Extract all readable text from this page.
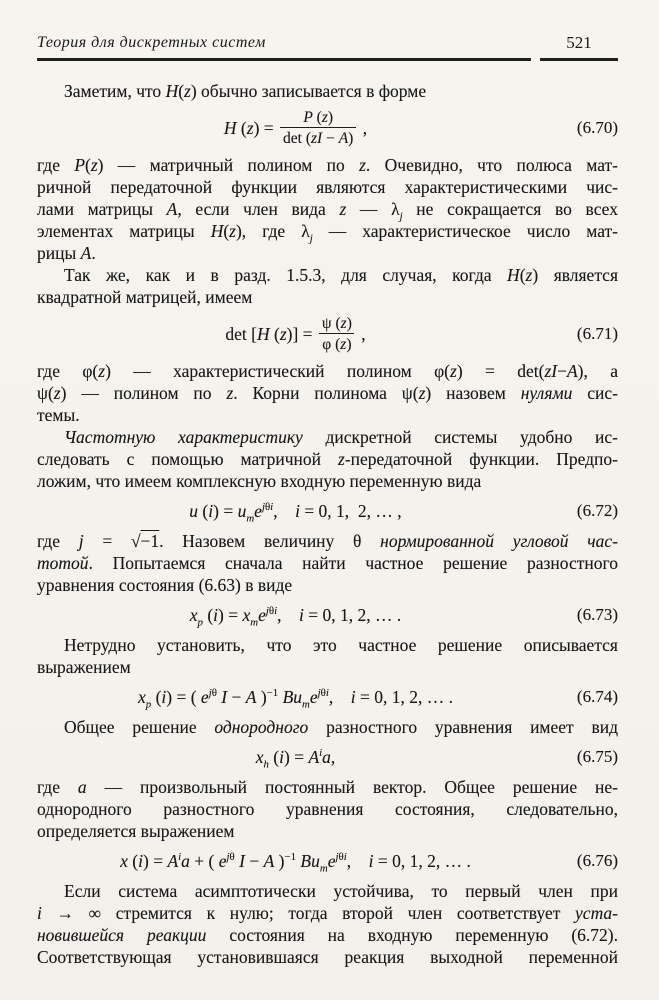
Теория для дискретных систем	521
Заметим, что H(z) обычно записывается в форме
H $(z) = \frac{P (z)}{\det (zI - A)}$ ,	(6.70)
где P(z) — матричный полином по z. Очевидно, что полюса мат-
ричной передаточной функции являются характеристическими чис-
лами матрицы A, если член вида z — $\lambda_j$ не сокращается во всех
элементах матрицы H(z), где $\lambda_j$ — характеристическое число мат-
рицы A.
Так же, как и в разд. 1.5.3, для случая, когда H(z) является
квадратной матрицей, имеем
det [H $(z)] = \frac{\psi (z)}{\varphi (z)}$ ,	(6.71)
где φ(z) — характеристический полином φ(z) = det(zI−A), а
ψ(z) — полином по z. Корни полинома ψ(z) назовем нулями сис-
темы.
Частотную характеристику дискретной системы удобно ис-
следовать с помощью матричной z-передаточной функции. Предпо-
ложим, что имеем комплексную входную переменную вида
u $(i) = u_me^{j\theta i}$,    i = 0, 1,  2, … ,	(6.72)
где j = √−1. Назовем величину θ нормированной угловой час-
тотой. Попытаемся сначала найти частное решение разностного
уравнения состояния (6.63) в виде
$x_p$ $(i) = x_me^{j\theta i}$,    i = 0, 1, 2, … .	(6.73)
Нетрудно установить, что это частное решение описывается
выражением
$x_p$ (i) = ( $e^{j\theta}$ I − A )$^{-1}$ $Bu_me^{j\theta i}$,    i = 0, 1, 2, … .	(6.74)
Общее решение однородного разностного уравнения имеет вид
$x_h$ $(i) = A^ia$,	(6.75)
где a — произвольный постоянный вектор. Общее решение не-
однородного разностного уравнения состояния, следовательно,
определяется выражением
x $(i) = A^ia$ + ( $e^{j\theta}$ I − A )$^{-1}$ $Bu_me^{j\theta i}$,    i = 0, 1, 2, … .	(6.76)
Если система асимптотически устойчива, то первый член при
i → ∞ стремится к нулю; тогда второй член соответствует уста-
новившейся реакции состояния на входную переменную (6.72).
Соответствующая установившаяся реакция выходной переменной
